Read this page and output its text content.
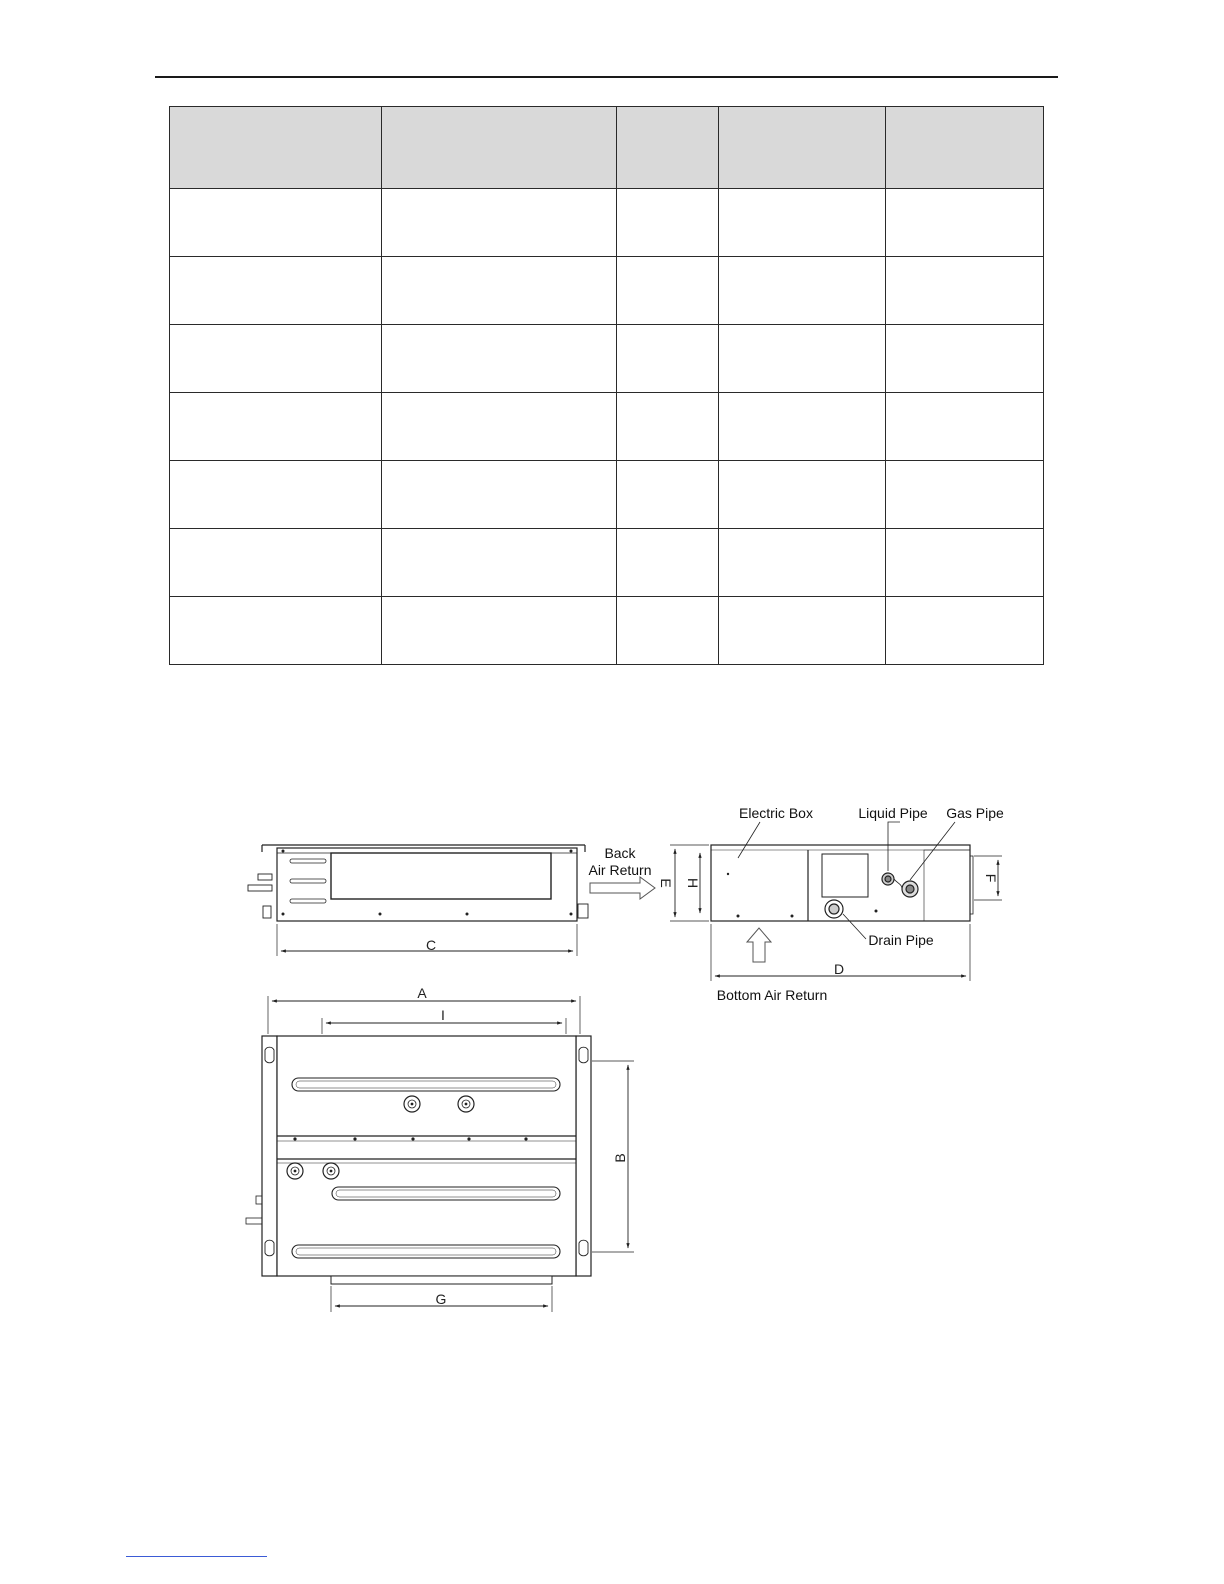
C
Back
Air Return
Electric Box	Liquid Pipe Gas Pipe
Drain Pipe
Bottom Air Return
D
E H	F
A
I
B
G
